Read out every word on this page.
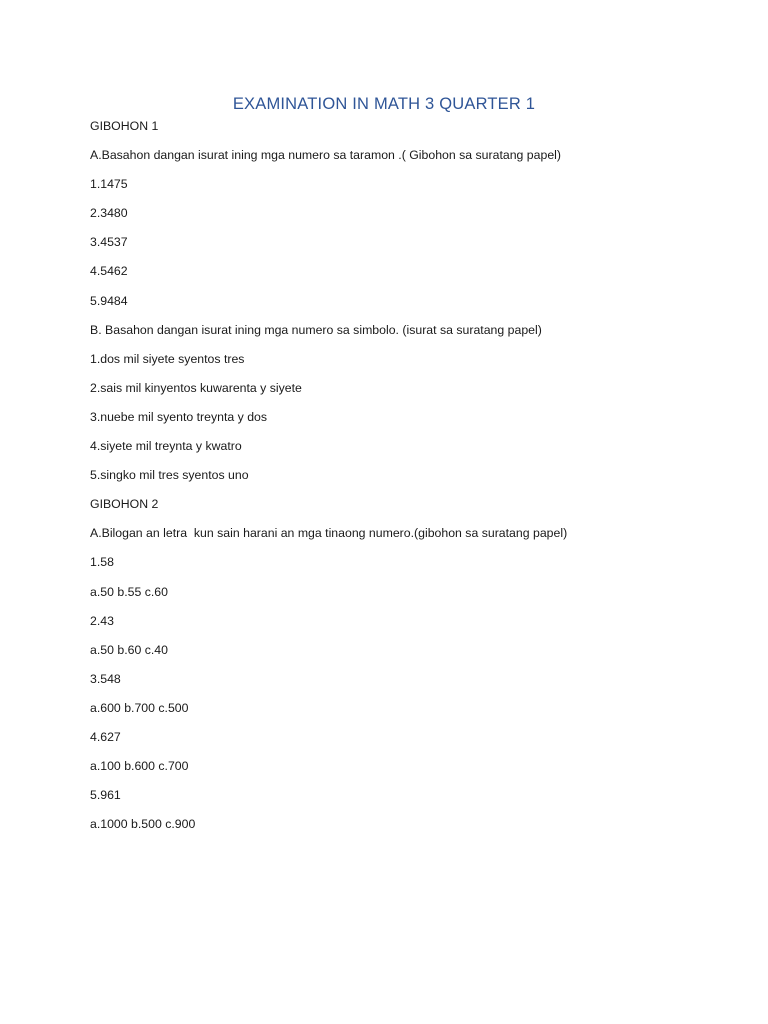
EXAMINATION IN MATH 3 QUARTER 1
GIBOHON 1
A.Basahon dangan isurat ining mga numero sa taramon .( Gibohon sa suratang papel)
1.1475
2.3480
3.4537
4.5462
5.9484
B. Basahon dangan isurat ining mga numero sa simbolo. (isurat sa suratang papel)
1.dos mil siyete syentos tres
2.sais mil kinyentos kuwarenta y siyete
3.nuebe mil syento treynta y dos
4.siyete mil treynta y kwatro
5.singko mil tres syentos uno
GIBOHON 2
A.Bilogan an letra  kun sain harani an mga tinaong numero.(gibohon sa suratang papel)
1.58
a.50 b.55 c.60
2.43
a.50 b.60 c.40
3.548
a.600 b.700 c.500
4.627
a.100 b.600 c.700
5.961
a.1000 b.500 c.900
